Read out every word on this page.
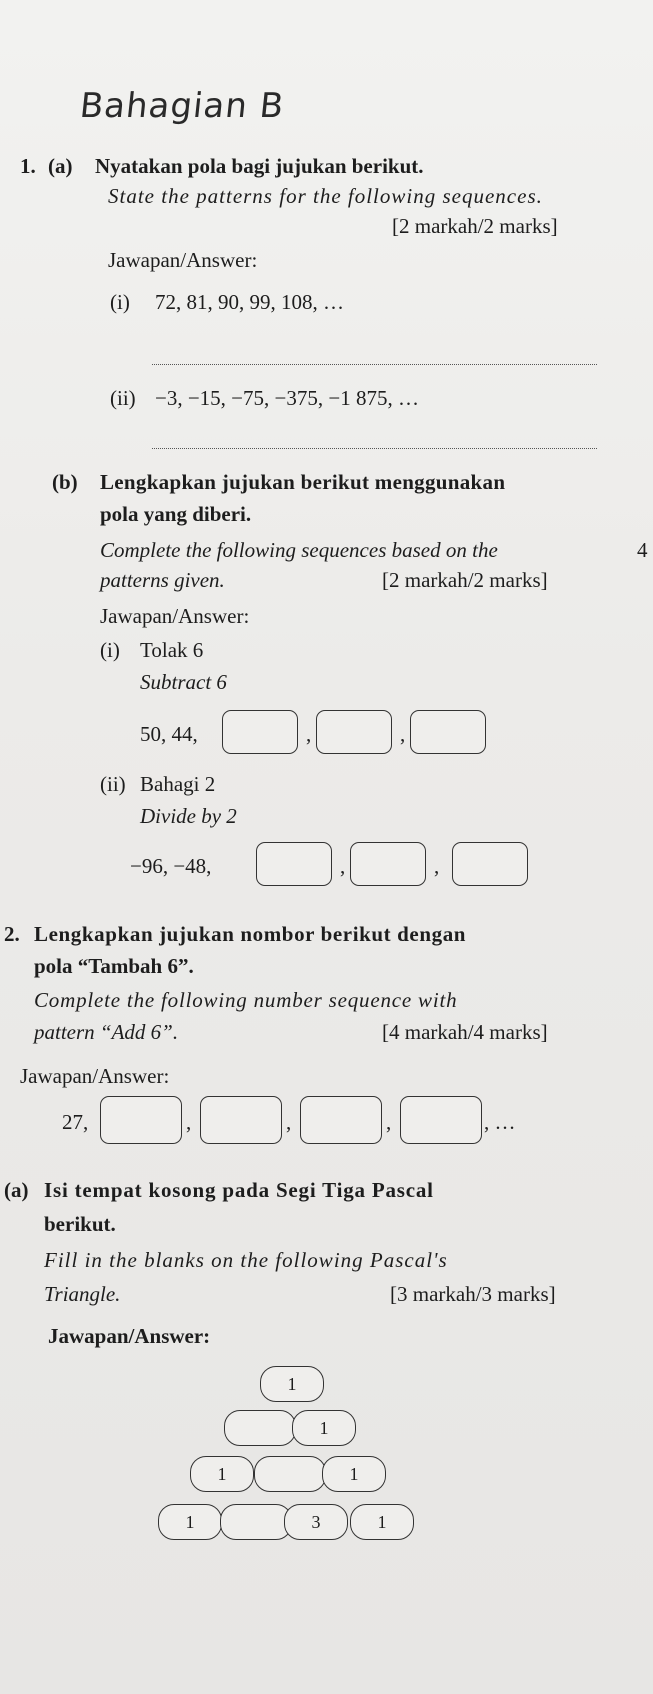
Bahagian B
1. (a) Nyatakan pola bagi jujukan berikut.
State the patterns for the following sequences.
[2 markah/2 marks]
Jawapan/Answer:
(i) 72, 81, 90, 99, 108, …
(ii) −3, −15, −75, −375, −1 875, …
(b) Lengkapkan jujukan berikut menggunakan
pola yang diberi.
Complete the following sequences based on the	4
patterns given.	[2 markah/2 marks]
Jawapan/Answer:
(i) Tolak 6
Subtract 6
50, 44,	,	,
(ii) Bahagi 2
Divide by 2
−96, −48,	,	,
2. Lengkapkan jujukan nombor berikut dengan
pola “Tambah 6”.
Complete the following number sequence with
pattern “Add 6”.	[4 markah/4 marks]
Jawapan/Answer:
27,	,	,	,	, …
(a) Isi tempat kosong pada Segi Tiga Pascal
berikut.
Fill in the blanks on the following Pascal's
Triangle.	[3 markah/3 marks]
Jawapan/Answer:
1
1
1	1
1	3	1
